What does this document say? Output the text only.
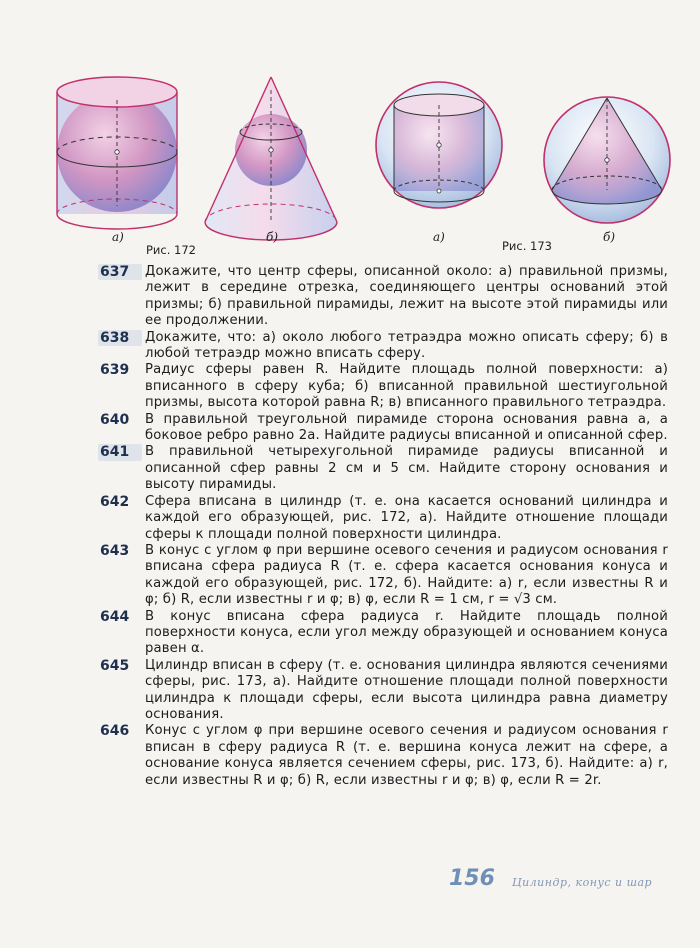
а)
Рис. 172
б)	а)
Рис. 173
б)
637	Докажите, что центр сферы, описанной около: а) правильной призмы, лежит в середине отрезка, соединяющего центры оснований этой призмы; б) правильной пирамиды, лежит на высоте этой пирамиды или ее продолжении.
638	Докажите, что: а) около любого тетраэдра можно описать сферу; б) в любой тетраэдр можно вписать сферу.
639	Радиус сферы равен R. Найдите площадь полной поверхности: а) вписанного в сферу куба; б) вписанной правильной шестиугольной призмы, высота которой равна R; в) вписанного правильного тетраэдра.
640	В правильной треугольной пирамиде сторона основания равна a, а боковое ребро равно 2a. Найдите радиусы вписанной и описанной сфер.
641	В правильной четырехугольной пирамиде радиусы вписанной и описанной сфер равны 2 см и 5 см. Найдите сторону основания и высоту пирамиды.
642	Сфера вписана в цилиндр (т. е. она касается оснований цилиндра и каждой его образующей, рис. 172, а). Найдите отношение площади сферы к площади полной поверхности цилиндра.
643	В конус с углом φ при вершине осевого сечения и радиусом основания r вписана сфера радиуса R (т. е. сфера касается основания конуса и каждой его образующей, рис. 172, б). Найдите: а) r, если известны R и φ; б) R, если известны r и φ; в) φ, если R = 1 см, r = √3 см.
644	В конус вписана сфера радиуса r. Найдите площадь полной поверхности конуса, если угол между образующей и основанием конуса равен α.
645	Цилиндр вписан в сферу (т. е. основания цилиндра являются сечениями сферы, рис. 173, а). Найдите отношение площади полной поверхности цилиндра к площади сферы, если высота цилиндра равна диаметру основания.
646	Конус с углом φ при вершине осевого сечения и радиусом основания r вписан в сферу радиуса R (т. е. вершина конуса лежит на сфере, а основание конуса является сечением сферы, рис. 173, б). Найдите: а) r, если известны R и φ; б) R, если известны r и φ; в) φ, если R = 2r.
156 Цилиндр, конус и шар
